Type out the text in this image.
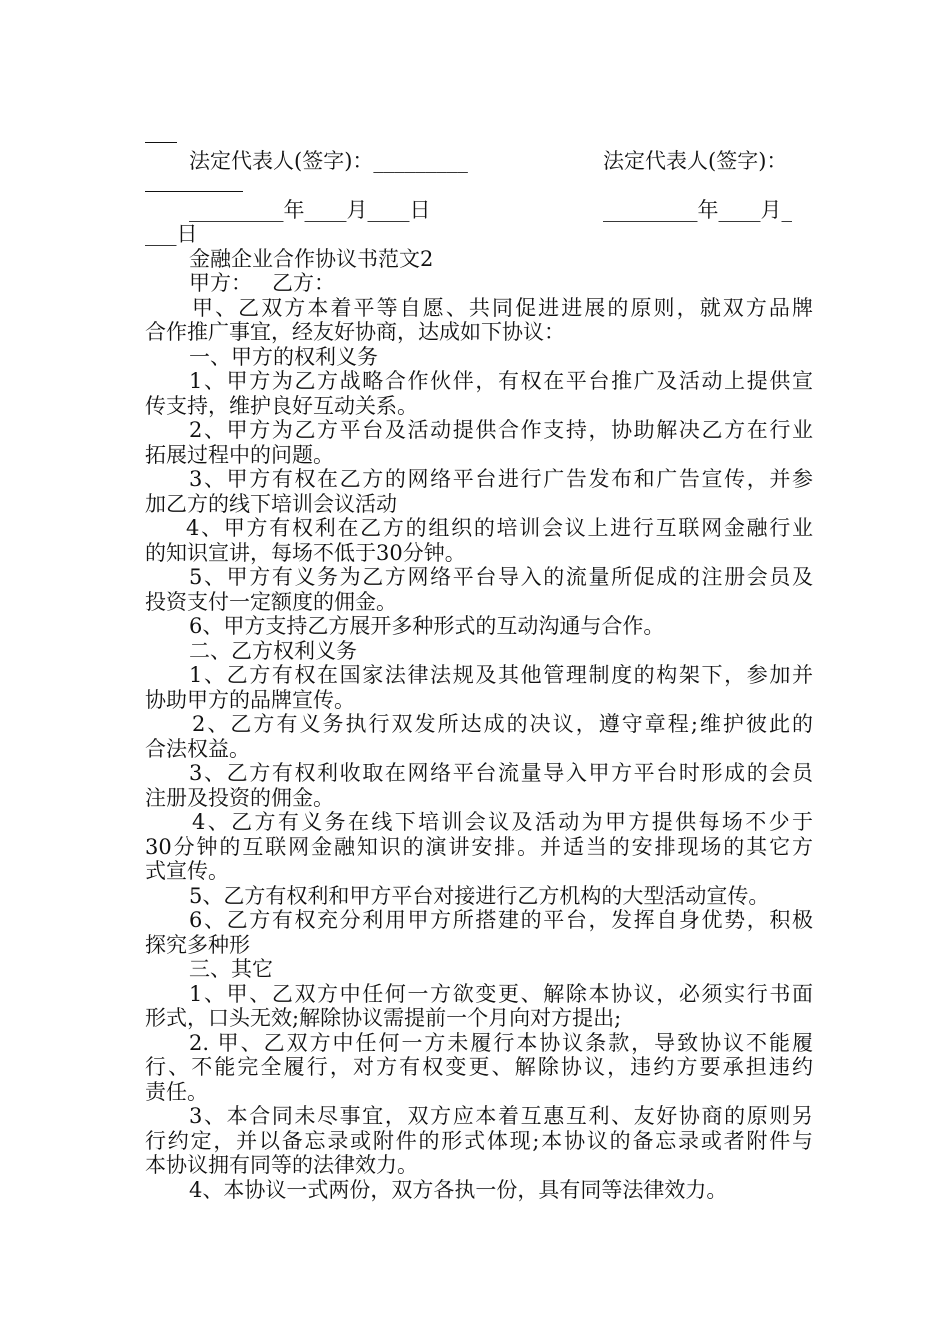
法定代表人(签字)：_________	法定代表人(签字)：
_________年____月____日	_________年____月_
___日
金融企业合作协议书范文2
甲方：   乙方：
甲、乙双方本着平等自愿、共同促进进展的原则，就双方品牌
合作推广事宜，经友好协商，达成如下协议：
一、甲方的权利义务
1、甲方为乙方战略合作伙伴，有权在平台推广及活动上提供宣
传支持，维护良好互动关系。
2、甲方为乙方平台及活动提供合作支持，协助解决乙方在行业
拓展过程中的问题。
3、甲方有权在乙方的网络平台进行广告发布和广告宣传，并参
加乙方的线下培训会议活动
4、甲方有权利在乙方的组织的培训会议上进行互联网金融行业
的知识宣讲，每场不低于30分钟。
5、甲方有义务为乙方网络平台导入的流量所促成的注册会员及
投资支付一定额度的佣金。
6、甲方支持乙方展开多种形式的互动沟通与合作。
二、乙方权利义务
1、乙方有权在国家法律法规及其他管理制度的构架下，参加并
协助甲方的品牌宣传。
2、乙方有义务执行双发所达成的决议，遵守章程;维护彼此的
合法权益。
3、乙方有权利收取在网络平台流量导入甲方平台时形成的会员
注册及投资的佣金。
4、乙方有义务在线下培训会议及活动为甲方提供每场不少于
30分钟的互联网金融知识的演讲安排。并适当的安排现场的其它方
式宣传。
5、乙方有权利和甲方平台对接进行乙方机构的大型活动宣传。
6、乙方有权充分利用甲方所搭建的平台，发挥自身优势，积极
探究多种形
三、其它
1、甲、乙双方中任何一方欲变更、解除本协议，必须实行书面
形式，口头无效;解除协议需提前一个月向对方提出;
2. 甲、乙双方中任何一方未履行本协议条款，导致协议不能履
行、不能完全履行，对方有权变更、解除协议，违约方要承担违约
责任。
3、本合同未尽事宜，双方应本着互惠互利、友好协商的原则另
行约定，并以备忘录或附件的形式体现;本协议的备忘录或者附件与
本协议拥有同等的法律效力。
4、本协议一式两份，双方各执一份，具有同等法律效力。
